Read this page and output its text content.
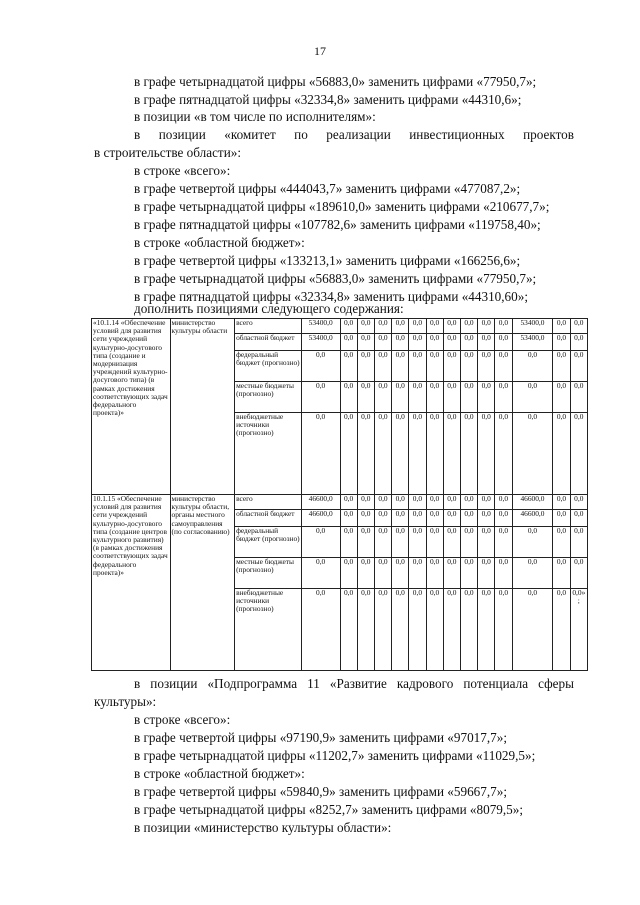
17
в графе четырнадцатой цифры «56883,0» заменить цифрами «77950,7»;
в графе пятнадцатой цифры «32334,8» заменить цифрами «44310,6»;
в позиции «в том числе по исполнителям»:
в позиции «комитет по реализации инвестиционных проектов
в строительстве области»:
в строке «всего»:
в графе четвертой цифры «444043,7» заменить цифрами «477087,2»;
в графе четырнадцатой цифры «189610,0» заменить цифрами «210677,7»;
в графе пятнадцатой цифры «107782,6» заменить цифрами «119758,40»;
в строке «областной бюджет»:
в графе четвертой цифры «133213,1» заменить цифрами «166256,6»;
в графе четырнадцатой цифры «56883,0» заменить цифрами «77950,7»;
в графе пятнадцатой цифры «32334,8» заменить цифрами «44310,60»;
дополнить позициями следующего содержания:
«10.1.14 «Обеспечение условий для развития сети учреждений культурно-досугового типа (создание и модернизация учреждений культурно-досугового типа) (в рамках достижения соответствующих задач федерального проекта)»	министерство культуры области	всего	53400,0	0,0	0,0	0,0	0,0	0,0	0,0	0,0	0,0	0,0	0,0	53400,0	0,0	0,0
		областной бюджет	53400,0	0,0	0,0	0,0	0,0	0,0	0,0	0,0	0,0	0,0	0,0	53400,0	0,0	0,0
		федеральный бюджет (прогнозно)	0,0	0,0	0,0	0,0	0,0	0,0	0,0	0,0	0,0	0,0	0,0	0,0	0,0	0,0
		местные бюджеты (прогнозно)	0,0	0,0	0,0	0,0	0,0	0,0	0,0	0,0	0,0	0,0	0,0	0,0	0,0	0,0
		внебюджетные источники (прогнозно)	0,0	0,0	0,0	0,0	0,0	0,0	0,0	0,0	0,0	0,0	0,0	0,0	0,0	0,0
10.1.15 «Обеспечение условий для развития сети учреждений культурно-досугового типа (создание центров культурного развития) (в рамках достижения соответствующих задач федерального проекта)»	министерство культуры области, органы местного самоуправления (по согласованию)	всего	46600,0	0,0	0,0	0,0	0,0	0,0	0,0	0,0	0,0	0,0	0,0	46600,0	0,0	0,0
		областной бюджет	46600,0	0,0	0,0	0,0	0,0	0,0	0,0	0,0	0,0	0,0	0,0	46600,0	0,0	0,0
		федеральный бюджет (прогнозно)	0,0	0,0	0,0	0,0	0,0	0,0	0,0	0,0	0,0	0,0	0,0	0,0	0,0	0,0
		местные бюджеты (прогнозно)	0,0	0,0	0,0	0,0	0,0	0,0	0,0	0,0	0,0	0,0	0,0	0,0	0,0	0,0
		внебюджетные источники (прогнозно)	0,0	0,0	0,0	0,0	0,0	0,0	0,0	0,0	0,0	0,0	0,0	0,0	0,0	0,0»;
в позиции «Подпрограмма 11 «Развитие кадрового потенциала сферы
культуры»:
в строке «всего»:
в графе четвертой цифры «97190,9» заменить цифрами «97017,7»;
в графе четырнадцатой цифры «11202,7» заменить цифрами «11029,5»;
в строке «областной бюджет»:
в графе четвертой цифры «59840,9» заменить цифрами «59667,7»;
в графе четырнадцатой цифры «8252,7» заменить цифрами «8079,5»;
в позиции «министерство культуры области»:
